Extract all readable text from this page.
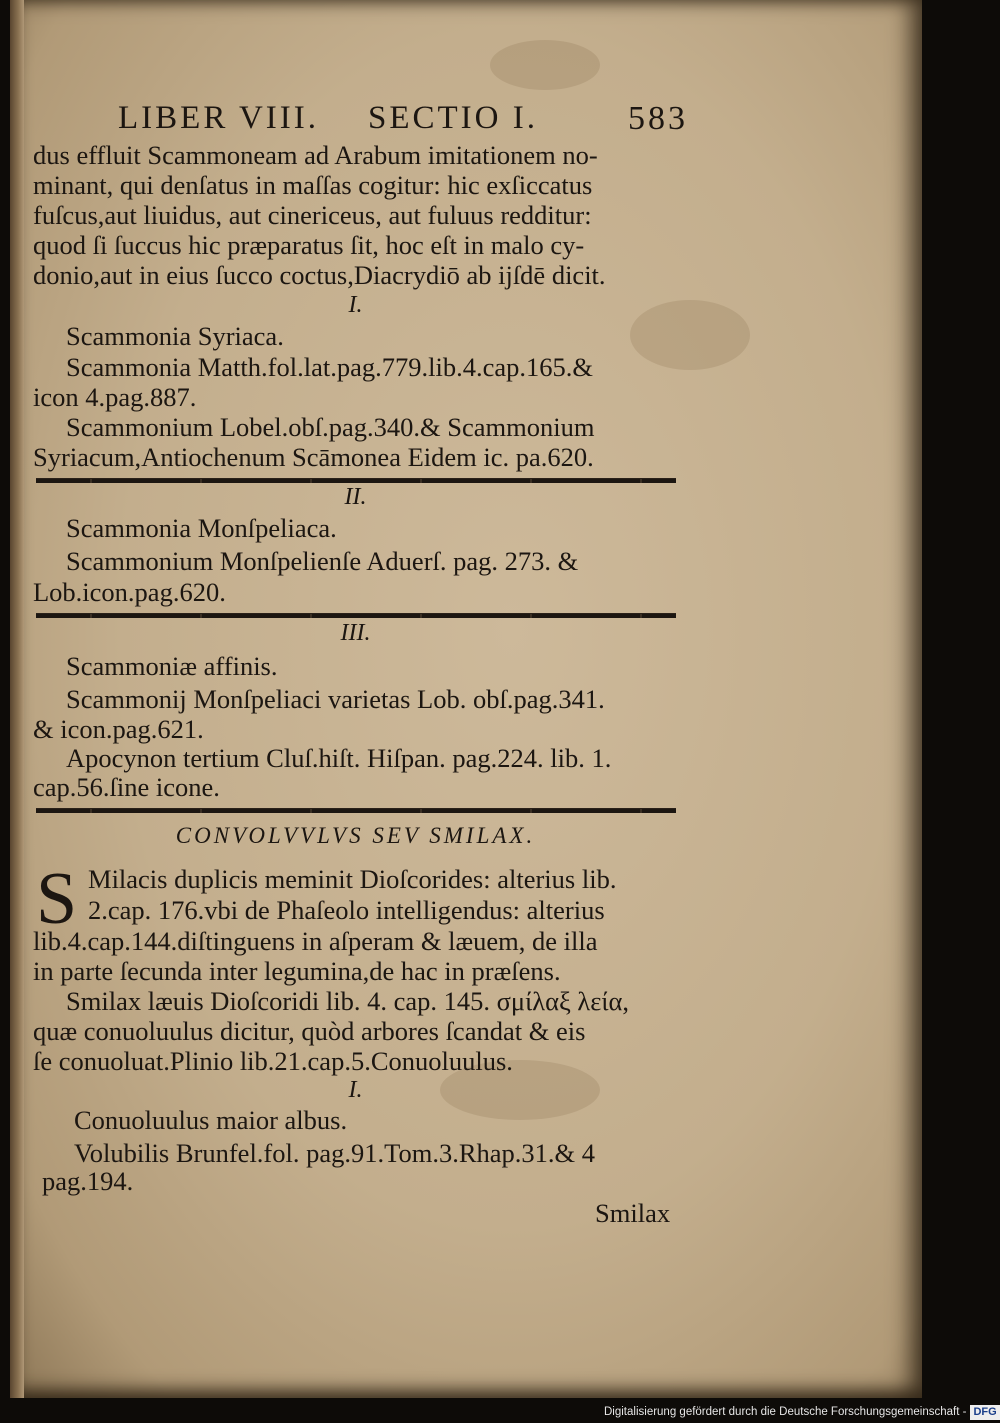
LIBER VIII. SECTIO I.	583
dus effluit Scammoneam ad Arabum imitationem no-
minant, qui denſatus in maſſas cogitur: hic exſiccatus
fuſcus,aut liuidus, aut cinericeus, aut fuluus redditur:
quod ſi ſuccus hic præparatus ſit, hoc eſt in malo cy-
donio,aut in eius ſucco coctus,Diacrydiō ab ijſdē dicit.
I.
Scammonia Syriaca.
Scammonia Matth.fol.lat.pag.779.lib.4.cap.165.&
icon 4.pag.887.
Scammonium Lobel.obſ.pag.340.& Scammonium
Syriacum,Antiochenum Scāmonea Eidem ic. pa.620.
II.
Scammonia Monſpeliaca.
Scammonium Monſpelienſe Aduerſ. pag. 273. &
Lob.icon.pag.620.
III.
Scammoniæ affinis.
Scammonij Monſpeliaci varietas Lob. obſ.pag.341.
& icon.pag.621.
Apocynon tertium Cluſ.hiſt. Hiſpan. pag.224. lib. 1.
cap.56.ſine icone.
CONVOLVVLVS SEV SMILAX.
S Milacis duplicis meminit Dioſcorides: alterius lib.
2.cap. 176.vbi de Phaſeolo intelligendus: alterius
lib.4.cap.144.diſtinguens in aſperam & læuem, de illa
in parte ſecunda inter legumina,de hac in præſens.
Smilax læuis Dioſcoridi lib. 4. cap. 145. σμίλαξ λεία,
quæ conuoluulus dicitur, quòd arbores ſcandat & eis
ſe conuoluat.Plinio lib.21.cap.5.Conuoluulus.
I.
Conuoluulus maior albus.
Volubilis Brunfel.fol. pag.91.Tom.3.Rhap.31.& 4
pag.194.
Smilax
Digitalisierung gefördert durch die Deutsche Forschungsgemeinschaft - DFG
